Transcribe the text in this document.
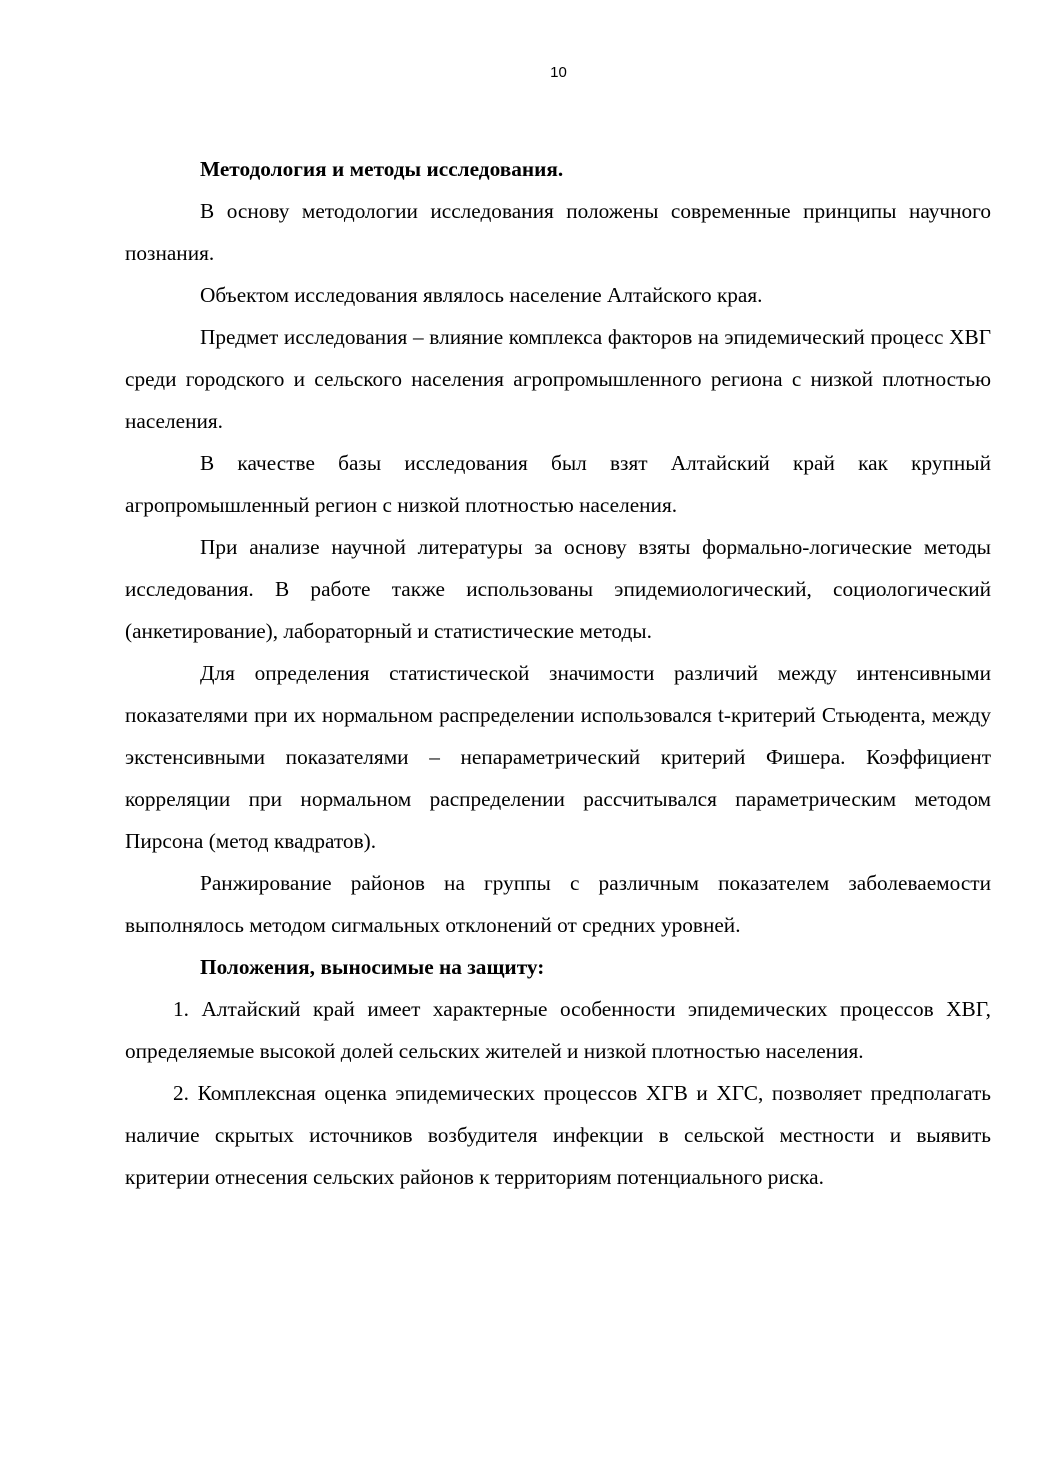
10

Методология и методы исследования.

В основу методологии исследования положены современные принципы научного познания.

Объектом исследования являлось население Алтайского края.

Предмет исследования – влияние комплекса факторов на эпидемический процесс ХВГ среди городского и сельского населения агропромышленного региона с низкой плотностью населения.

В качестве базы исследования был взят Алтайский край как крупный агропромышленный регион с низкой плотностью населения.

При анализе научной литературы за основу взяты формально-логические методы исследования. В работе также использованы эпидемиологический, социологический (анкетирование), лабораторный и статистические методы.

Для определения статистической значимости различий между интенсивными показателями при их нормальном распределении использовался t-критерий Стьюдента, между экстенсивными показателями – непараметрический критерий Фишера. Коэффициент корреляции при нормальном распределении рассчитывался параметрическим методом Пирсона (метод квадратов).

Ранжирование районов на группы с различным показателем заболеваемости выполнялось методом сигмальных отклонений от средних уровней.

Положения, выносимые на защиту:

1. Алтайский край имеет характерные особенности эпидемических процессов ХВГ, определяемые высокой долей сельских жителей и низкой плотностью населения.

2. Комплексная оценка эпидемических процессов ХГВ и ХГС, позволяет предполагать наличие скрытых источников возбудителя инфекции в сельской местности и выявить критерии отнесения сельских районов к территориям потенциального риска.
